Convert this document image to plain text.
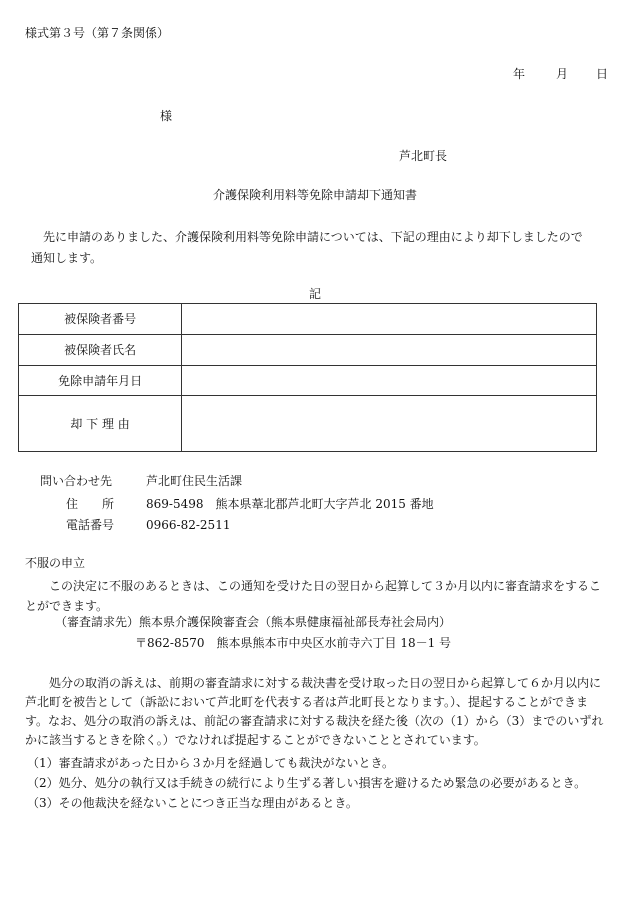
様式第３号（第７条関係）
年	月 日
様
芦北町長
介護保険利用料等免除申請却下通知書
先に申請のありました、介護保険利用料等免除申請については、下記の理由により却下しましたので通知します。
記
被保険者番号	
被保険者氏名	
免除申請年月日	
却 下 理 由	
問い合わせ先	芦北町住民生活課
住　　所	869-5498　熊本県葦北郡芦北町大字芦北 2015 番地
電話番号	0966-82-2511
不服の申立
この決定に不服のあるときは、この通知を受けた日の翌日から起算して３か月以内に審査請求をすることができます。
（審査請求先）熊本県介護保険審査会（熊本県健康福祉部長寿社会局内）
〒862-8570　熊本県熊本市中央区水前寺六丁目 18－1 号
処分の取消の訴えは、前期の審査請求に対する裁決書を受け取った日の翌日から起算して６か月以内に芦北町を被告として（訴訟において芦北町を代表する者は芦北町長となります。）、提起することができます。なお、処分の取消の訴えは、前記の審査請求に対する裁決を経た後（次の（1）から（3）までのいずれかに該当するときを除く。）でなければ提起することができないこととされています。
（1）審査請求があった日から３か月を経過しても裁決がないとき。
（2）処分、処分の執行又は手続きの続行により生ずる著しい損害を避けるため緊急の必要があるとき。
（3）その他裁決を経ないことにつき正当な理由があるとき。
